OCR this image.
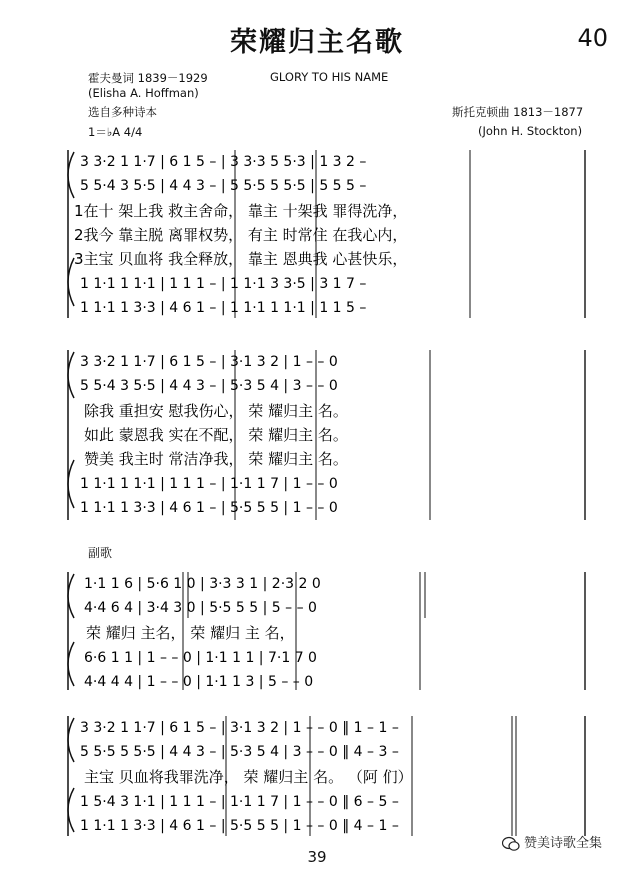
荣耀归主名歌	40
霍夫曼词 1839－1929
(Elisha A. Hoffman)
选自多种诗本
1＝♭A 4/4
GLORY TO HIS NAME
斯托克顿曲 1813－1877
(John H. Stockton)
副歌
3 3·2 1 1·7 | 6 1 5 – | 3 3·3 5 5·3 | 1 3 2 –
5 5·4 3 5·5 | 4 4 3 – | 5 5·5 5 5·5 | 5 5 5 –
1在十 架上我 救主舍命， 靠主 十架我 罪得洗净，
2我今 靠主脱 离罪权势， 有主 时常住 在我心内，
3主宝 贝血将 我全释放， 靠主 恩典我 心甚快乐，
1 1·1 1 1·1 | 1 1 1 – | 1 1·1 3 3·5 | 3 1 7 –
1 1·1 1 3·3 | 4 6 1 – | 1 1·1 1 1·1 | 1 1 5 –
3 3·2 1 1·7 | 6 1 5 – | 3·1 3 2 | 1 – – 0
5 5·4 3 5·5 | 4 4 3 – | 5·3 5 4 | 3 – – 0
除我 重担安 慰我伤心， 荣 耀归主 名。
如此 蒙恩我 实在不配， 荣 耀归主 名。
赞美 我主时 常洁净我， 荣 耀归主 名。
1 1·1 1 1·1 | 1 1 1 – | 1·1 1 7 | 1 – – 0
1 1·1 1 3·3 | 4 6 1 – | 5·5 5 5 | 1 – – 0
1·1 1 6 | 5·6 1 0 | 3·3 3 1 | 2·3 2 0
4·4 6 4 | 3·4 3 0 | 5·5 5 5 | 5 – – 0
荣 耀归 主名， 荣 耀归 主 名，
6·6 1 1 | 1 – – 0 | 1·1 1 1 | 7·1 7 0
4·4 4 4 | 1 – – 0 | 1·1 1 3 | 5 – – 0
3 3·2 1 1·7 | 6 1 5 – | 3·1 3 2 | 1 – – 0 ‖ 1 – 1 –
5 5·5 5 5·5 | 4 4 3 – | 5·3 5 4 | 3 – – 0 ‖ 4 – 3 –
主宝 贝血将我罪洗净， 荣 耀归主 名。 （阿 们）
1 5·4 3 1·1 | 1 1 1 – | 1·1 1 7 | 1 – – 0 ‖ 6 – 5 –
1 1·1 1 3·3 | 4 6 1 – | 5·5 5 5 | 1 – – 0 ‖ 4 – 1 –
39
赞美诗歌全集
